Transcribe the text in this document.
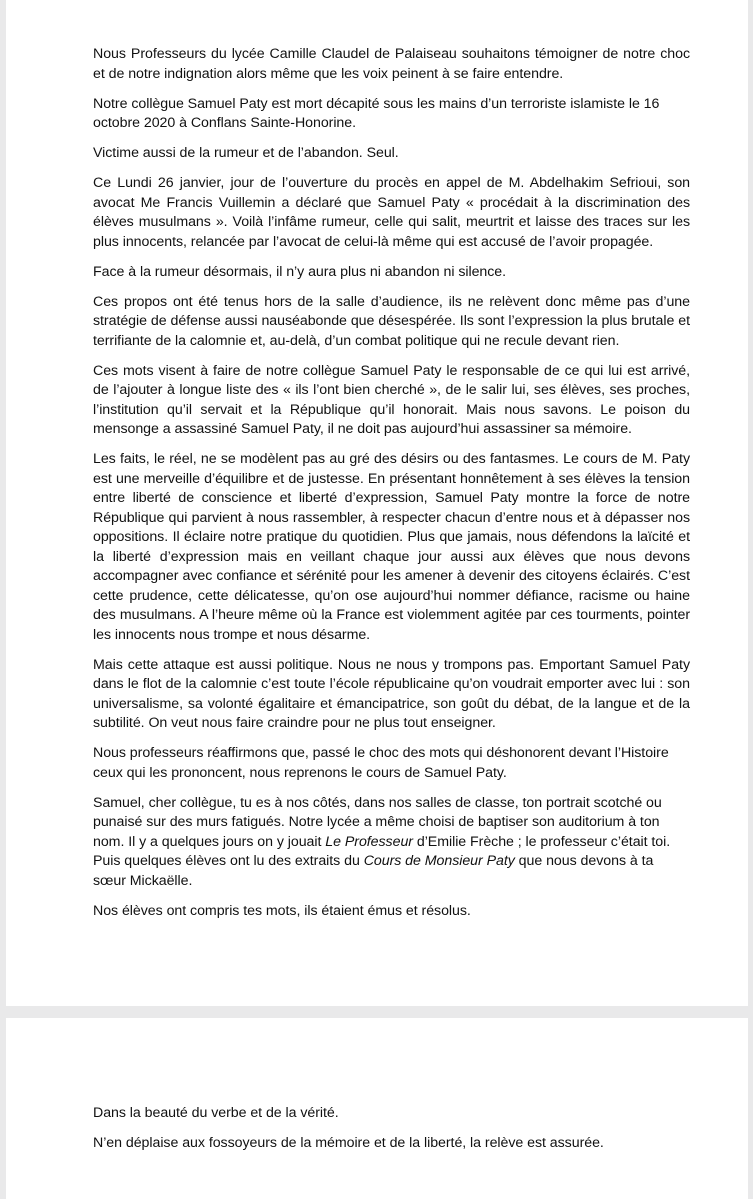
Nous Professeurs du lycée Camille Claudel de Palaiseau souhaitons témoigner de notre choc et de notre indignation alors même que les voix peinent à se faire entendre.

Notre collègue Samuel Paty est mort décapité sous les mains d’un terroriste islamiste le 16 octobre 2020 à Conflans Sainte-Honorine.

Victime aussi de la rumeur et de l’abandon. Seul.

Ce Lundi 26 janvier, jour de l’ouverture du procès en appel de M. Abdelhakim Sefrioui, son avocat Me Francis Vuillemin a déclaré que Samuel Paty « procédait à la discrimination des élèves musulmans ». Voilà l’infâme rumeur, celle qui salit, meurtrit et laisse des traces sur les plus innocents, relancée par l’avocat de celui-là même qui est accusé de l’avoir propagée.

Face à la rumeur désormais, il n’y aura plus ni abandon ni silence.

Ces propos ont été tenus hors de la salle d’audience, ils ne relèvent donc même pas d’une stratégie de défense aussi nauséabonde que désespérée. Ils sont l’expression la plus brutale et terrifiante de la calomnie et, au-delà, d’un combat politique qui ne recule devant rien.

Ces mots visent à faire de notre collègue Samuel Paty le responsable de ce qui lui est arrivé, de l’ajouter à longue liste des « ils l’ont bien cherché », de le salir lui, ses élèves, ses proches, l’institution qu’il servait et la République qu’il honorait. Mais nous savons. Le poison du mensonge a assassiné Samuel Paty, il ne doit pas aujourd’hui assassiner sa mémoire.

Les faits, le réel, ne se modèlent pas au gré des désirs ou des fantasmes. Le cours de M. Paty est une merveille d’équilibre et de justesse. En présentant honnêtement à ses élèves la tension entre liberté de conscience et liberté d’expression, Samuel Paty montre la force de notre République qui parvient à nous rassembler, à respecter chacun d’entre nous et à dépasser nos oppositions. Il éclaire notre pratique du quotidien. Plus que jamais, nous défendons la laïcité et la liberté d’expression mais en veillant chaque jour aussi aux élèves que nous devons accompagner avec confiance et sérénité pour les amener à devenir des citoyens éclairés. C’est cette prudence, cette délicatesse, qu’on ose aujourd’hui nommer défiance, racisme ou haine des musulmans. A l’heure même où la France est violemment agitée par ces tourments, pointer les innocents nous trompe et nous désarme.

Mais cette attaque est aussi politique. Nous ne nous y trompons pas. Emportant Samuel Paty dans le flot de la calomnie c’est toute l’école républicaine qu’on voudrait emporter avec lui : son universalisme, sa volonté égalitaire et émancipatrice, son goût du débat, de la langue et de la subtilité. On veut nous faire craindre pour ne plus tout enseigner.

Nous professeurs réaffirmons que, passé le choc des mots qui déshonorent devant l’Histoire ceux qui les prononcent, nous reprenons le cours de Samuel Paty.

Samuel, cher collègue, tu es à nos côtés, dans nos salles de classe, ton portrait scotché ou punaisé sur des murs fatigués. Notre lycée a même choisi de baptiser son auditorium à ton nom. Il y a quelques jours on y jouait Le Professeur d’Emilie Frèche ; le professeur c’était toi. Puis quelques élèves ont lu des extraits du Cours de Monsieur Paty que nous devons à ta sœur Mickaëlle.

Nos élèves ont compris tes mots, ils étaient émus et résolus.

Dans la beauté du verbe et de la vérité.

N’en déplaise aux fossoyeurs de la mémoire et de la liberté, la relève est assurée.
